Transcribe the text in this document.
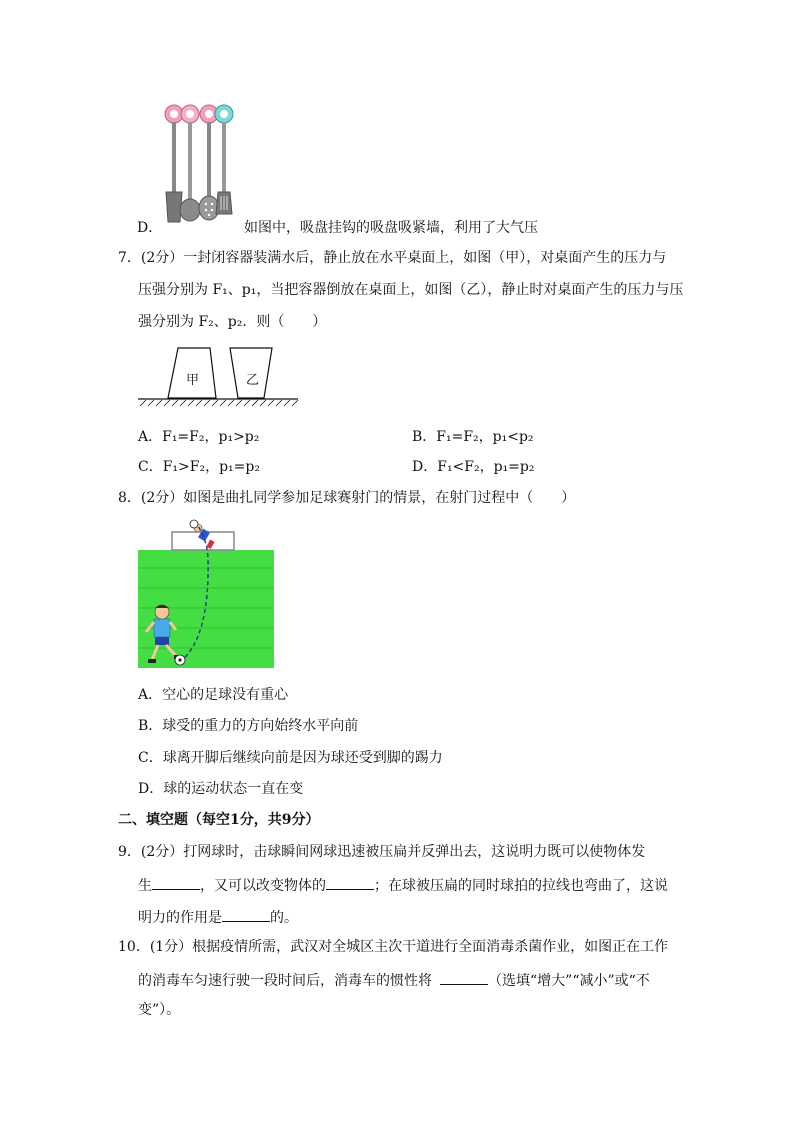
D．	如图中，吸盘挂钩的吸盘吸紧墙，利用了大气压
7．(2分）一封闭容器装满水后，静止放在水平桌面上，如图（甲），对桌面产生的压力与
压强分别为 F₁、p₁，当把容器倒放在桌面上，如图（乙），静止时对桌面产生的压力与压
强分别为 F₂、p₂．则（　　）
甲	乙
A．F₁=F₂，p₁>p₂	B．F₁=F₂，p₁<p₂
C．F₁>F₂，p₁=p₂	D．F₁<F₂，p₁=p₂
8．(2分）如图是曲扎同学参加足球赛射门的情景，在射门过程中（　　）
A．空心的足球没有重心
B．球受的重力的方向始终水平向前
C．球离开脚后继续向前是因为球还受到脚的踢力
D．球的运动状态一直在变
二、填空题（每空1分，共9分）
9．(2分）打网球时，击球瞬间网球迅速被压扁并反弹出去，这说明力既可以使物体发
生	，又可以改变物体的	；在球被压扁的同时球拍的拉线也弯曲了，这说
明力的作用是	的。
10．(1分）根据疫情所需，武汉对全城区主次干道进行全面消毒杀菌作业，如图正在工作
的消毒车匀速行驶一段时间后，消毒车的惯性将	（选填“增大”“减小”或“不
变”）。
